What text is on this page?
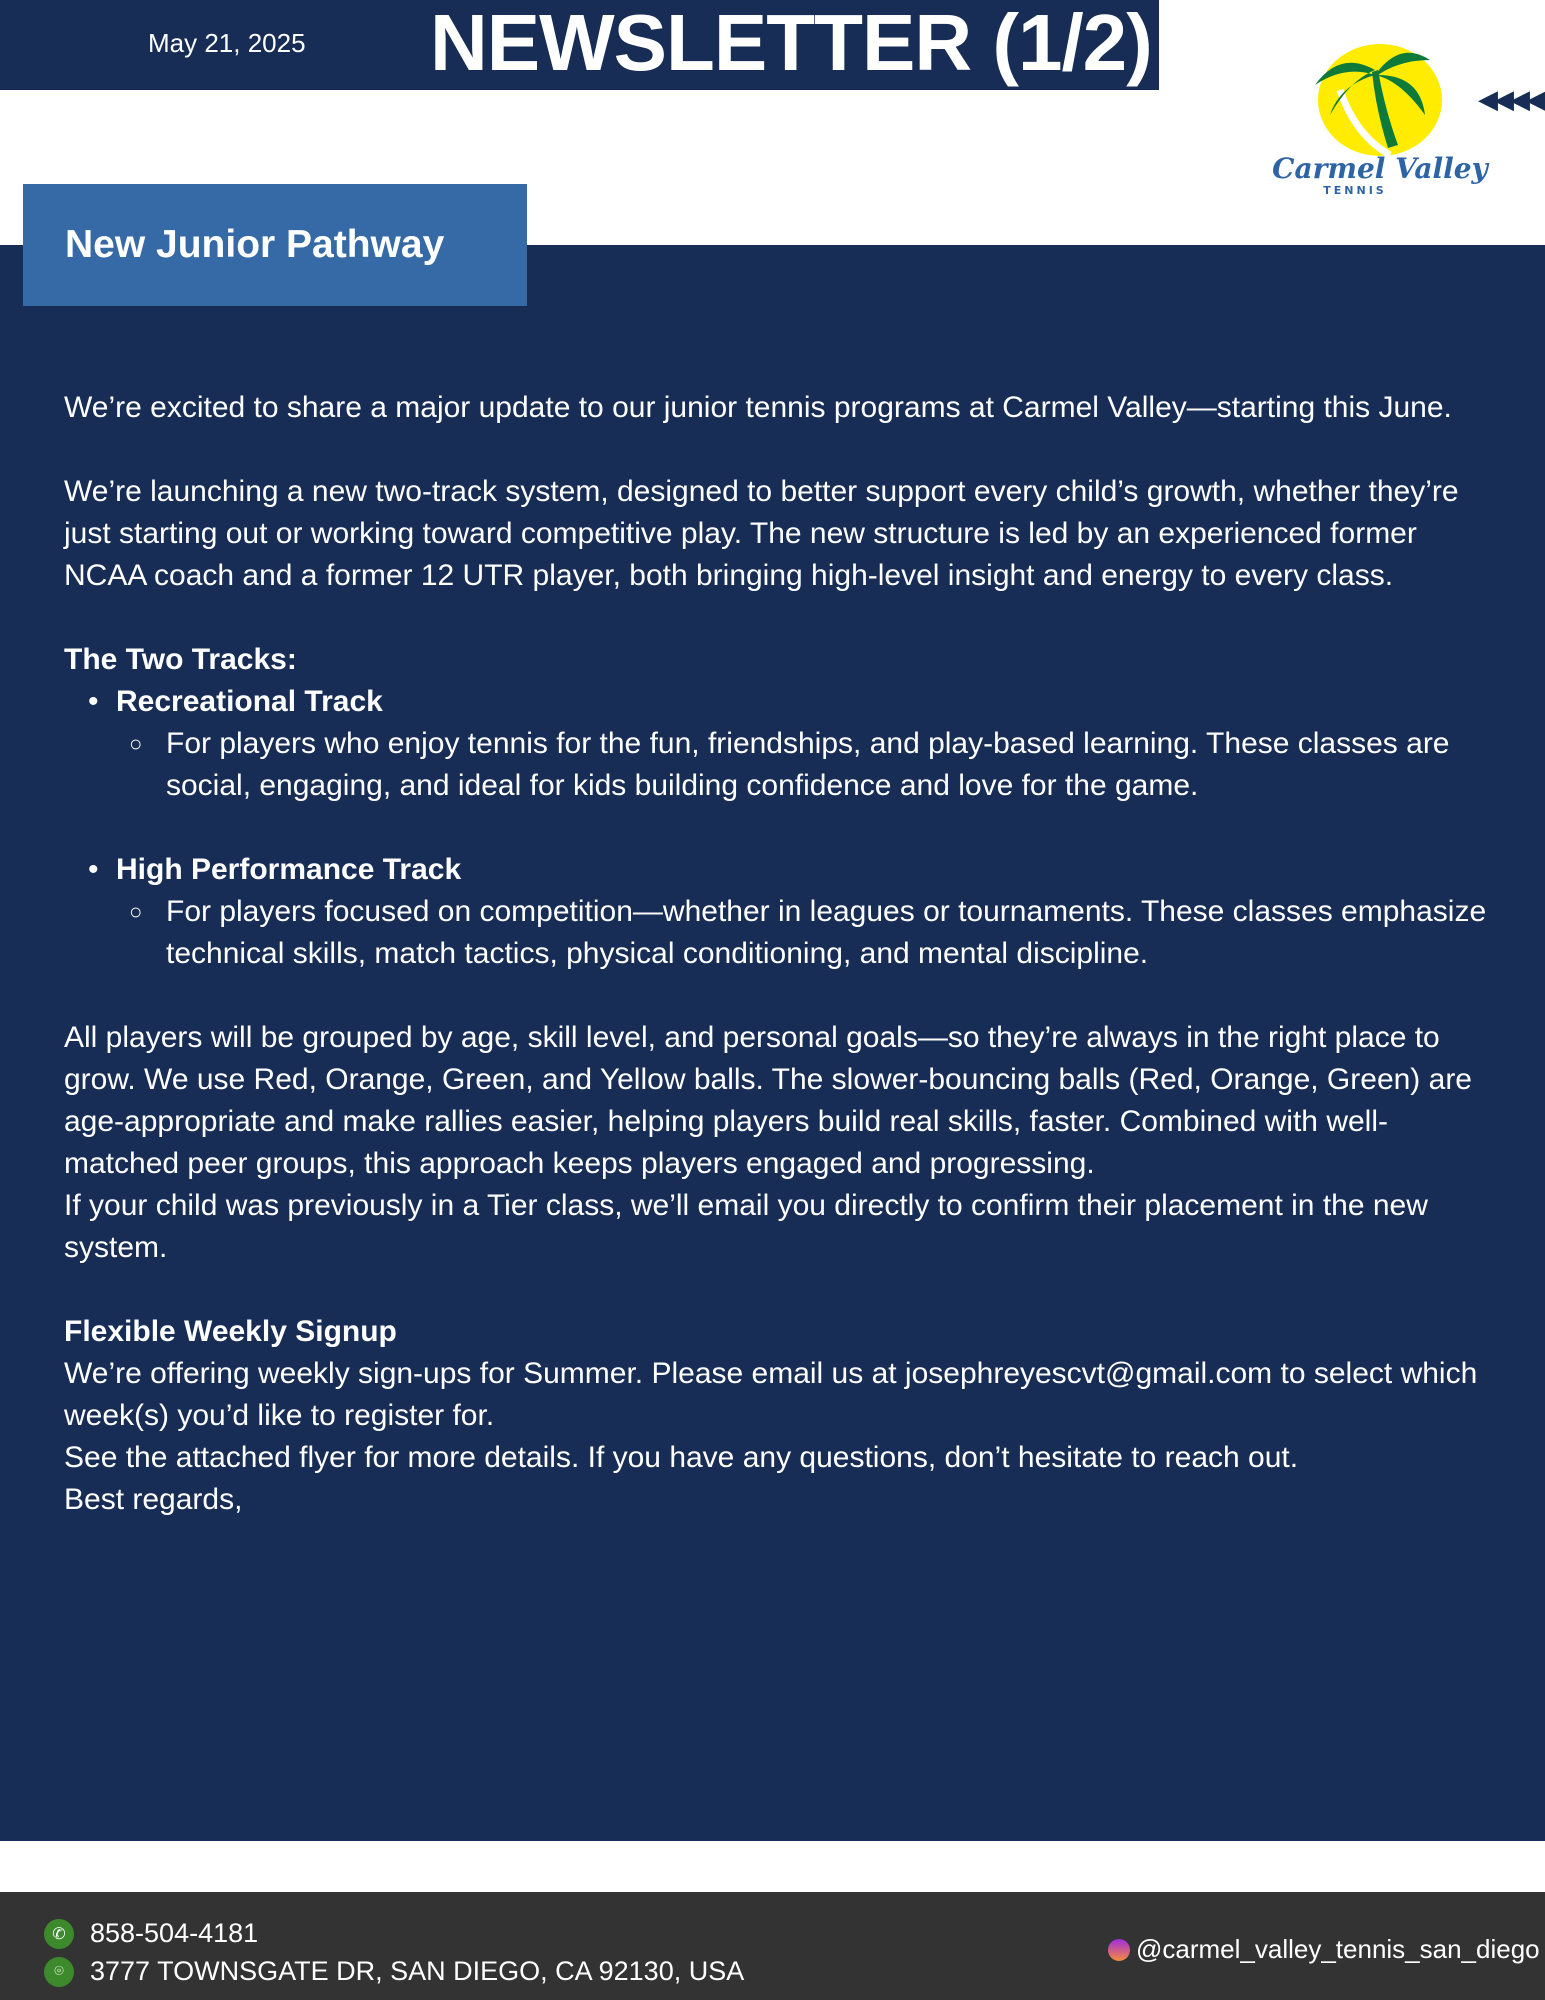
May 21, 2025 NEWSLETTER (1/2)
Carmel Valley
TENNIS
◀◀◀◀
New Junior Pathway

We’re excited to share a major update to our junior tennis programs at Carmel Valley—starting this June.

We’re launching a new two-track system, designed to better support every child’s growth, whether they’re just starting out or working toward competitive play. The new structure is led by an experienced former NCAA coach and a former 12 UTR player, both bringing high-level insight and energy to every class.

The Two Tracks:
• Recreational Track
○ For players who enjoy tennis for the fun, friendships, and play-based learning. These classes are social, engaging, and ideal for kids building confidence and love for the game.
• High Performance Track
○ For players focused on competition—whether in leagues or tournaments. These classes emphasize technical skills, match tactics, physical conditioning, and mental discipline.
All players will be grouped by age, skill level, and personal goals—so they’re always in the right place to grow. We use Red, Orange, Green, and Yellow balls. The slower-bouncing balls (Red, Orange, Green) are age-appropriate and make rallies easier, helping players build real skills, faster. Combined with well-matched peer groups, this approach keeps players engaged and progressing.

If your child was previously in a Tier class, we’ll email you directly to confirm their placement in the new system.

Flexible Weekly Signup
We’re offering weekly sign-ups for Summer. Please email us at josephreyescvt@gmail.com to select which week(s) you’d like to register for.
See the attached flyer for more details. If you have any questions, don’t hesitate to reach out.
Best regards,
✆ 858-504-4181
⌾ 3777 TOWNSGATE DR, SAN DIEGO, CA 92130, USA
@carmel_valley_tennis_san_diego
